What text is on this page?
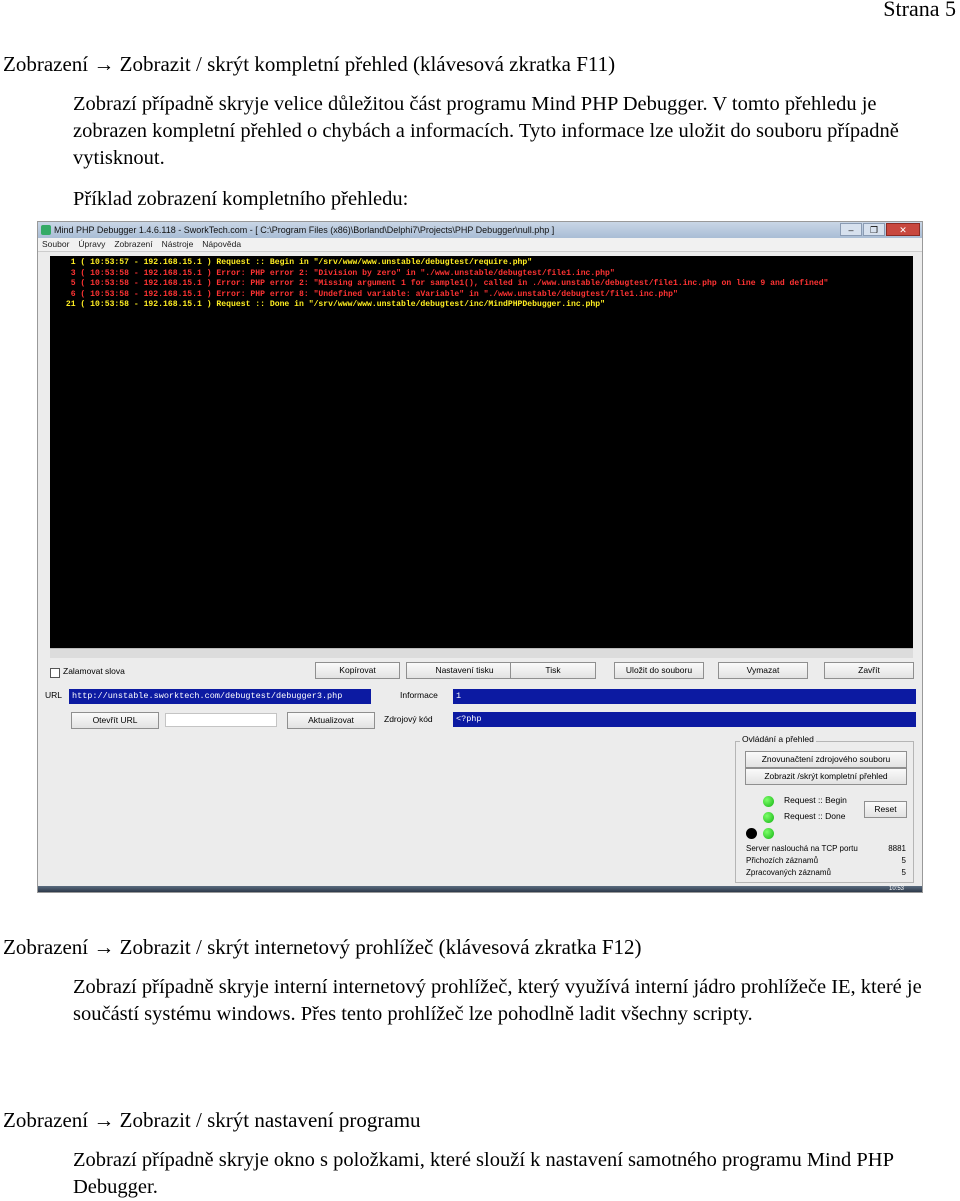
Strana 5
Zobrazení → Zobrazit / skrýt kompletní přehled (klávesová zkratka F11)
Zobrazí případně skryje velice důležitou část programu Mind PHP Debugger. V tomto přehledu je zobrazen kompletní přehled o chybách a informacích. Tyto informace lze uložit do souboru případně vytisknout.
Příklad zobrazení kompletního přehledu:
Mind PHP Debugger 1.4.6.118 - SworkTech.com - [ C:\Program Files (x86)\Borland\Delphi7\Projects\PHP Debugger\null.php ]	–	❐	✕
Soubor Úpravy Zobrazení Nástroje Nápověda
1 ( 10:53:57 - 192.168.15.1 ) Request :: Begin in "/srv/www/www.unstable/debugtest/require.php"
3 ( 10:53:58 - 192.168.15.1 ) Error: PHP error 2: "Division by zero" in "./www.unstable/debugtest/file1.inc.php"
5 ( 10:53:58 - 192.168.15.1 ) Error: PHP error 2: "Missing argument 1 for sample1(), called in ./www.unstable/debugtest/file1.inc.php on line 9 and defined"
6 ( 10:53:58 - 192.168.15.1 ) Error: PHP error 8: "Undefined variable: aVariable" in "./www.unstable/debugtest/file1.inc.php"
21 ( 10:53:58 - 192.168.15.1 ) Request :: Done in "/srv/www/www.unstable/debugtest/inc/MindPHPDebugger.inc.php"
Zalamovat slova	Kopírovat	Nastavení tisku	Tisk	Uložit do souboru	Vymazat	Zavřít
URL	http://unstable.sworktech.com/debugtest/debugger3.php	Informace	1
Otevřít URL	Aktualizovat	Zdrojový kód	<?php
Ovládání a přehled
Znovunačtení zdrojového souboru
Zobrazit /skrýt kompletní přehled
Request :: Begin
Request :: Done
Reset
Server naslouchá na TCP portu	8881
Přichozích záznamů	5
Zpracovaných záznamů	5
10:53
Zobrazení → Zobrazit / skrýt internetový prohlížeč (klávesová zkratka F12)
Zobrazí případně skryje interní internetový prohlížeč, který využívá interní jádro prohlížeče IE, které je součástí systému windows. Přes tento prohlížeč lze pohodlně ladit všechny scripty.
Zobrazení → Zobrazit / skrýt nastavení programu
Zobrazí případně skryje okno s položkami, které slouží k nastavení samotného programu Mind PHP Debugger.
